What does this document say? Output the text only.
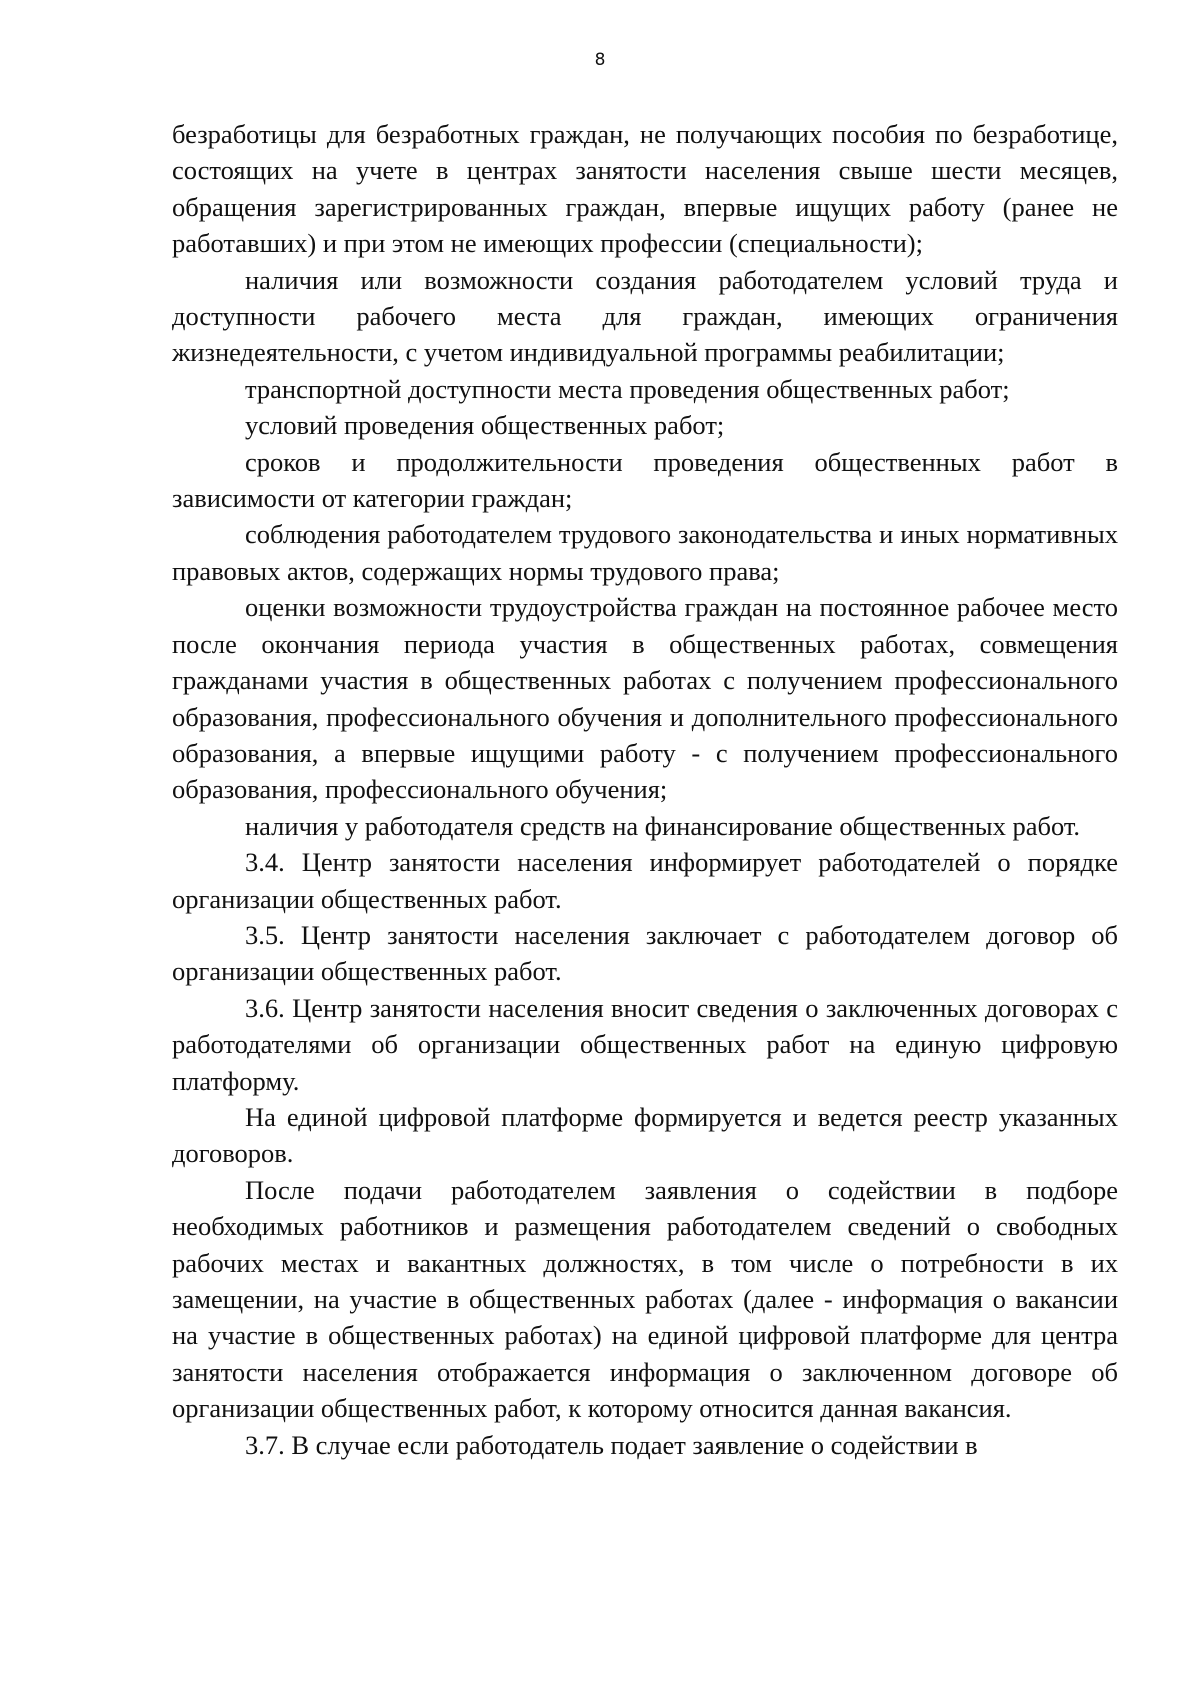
8

безработицы для безработных граждан, не получающих пособия по безработице, состоящих на учете в центрах занятости населения свыше шести месяцев, обращения зарегистрированных граждан, впервые ищущих работу (ранее не работавших) и при этом не имеющих профессии (специальности);

наличия или возможности создания работодателем условий труда и доступности рабочего места для граждан, имеющих ограничения жизнедеятельности, с учетом индивидуальной программы реабилитации;

транспортной доступности места проведения общественных работ;

условий проведения общественных работ;

сроков и продолжительности проведения общественных работ в зависимости от категории граждан;

соблюдения работодателем трудового законодательства и иных нормативных правовых актов, содержащих нормы трудового права;

оценки возможности трудоустройства граждан на постоянное рабочее место после окончания периода участия в общественных работах, совмещения гражданами участия в общественных работах с получением профессионального образования, профессионального обучения и дополнительного профессионального образования, а впервые ищущими работу - с получением профессионального образования, профессионального обучения;

наличия у работодателя средств на финансирование общественных работ.

3.4. Центр занятости населения информирует работодателей о порядке организации общественных работ.

3.5. Центр занятости населения заключает с работодателем договор об организации общественных работ.

3.6. Центр занятости населения вносит сведения о заключенных договорах с работодателями об организации общественных работ на единую цифровую платформу.

На единой цифровой платформе формируется и ведется реестр указанных договоров.

После подачи работодателем заявления о содействии в подборе необходимых работников и размещения работодателем сведений о свободных рабочих местах и вакантных должностях, в том числе о потребности в их замещении, на участие в общественных работах (далее - информация о вакансии на участие в общественных работах) на единой цифровой платформе для центра занятости населения отображается информация о заключенном договоре об организации общественных работ, к которому относится данная вакансия.

3.7. В случае если работодатель подает заявление о содействии в
